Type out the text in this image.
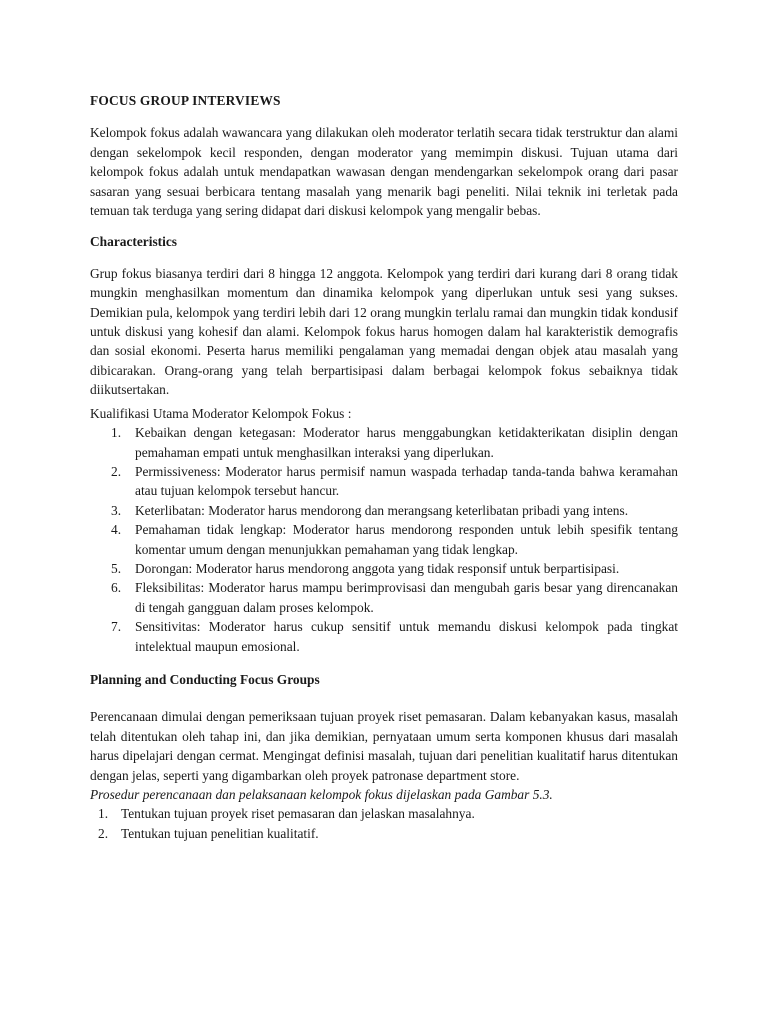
FOCUS GROUP INTERVIEWS

Kelompok fokus adalah wawancara yang dilakukan oleh moderator terlatih secara tidak terstruktur dan alami dengan sekelompok kecil responden, dengan moderator yang memimpin diskusi. Tujuan utama dari kelompok fokus adalah untuk mendapatkan wawasan dengan mendengarkan sekelompok orang dari pasar sasaran yang sesuai berbicara tentang masalah yang menarik bagi peneliti. Nilai teknik ini terletak pada temuan tak terduga yang sering didapat dari diskusi kelompok yang mengalir bebas.

Characteristics

Grup fokus biasanya terdiri dari 8 hingga 12 anggota. Kelompok yang terdiri dari kurang dari 8 orang tidak mungkin menghasilkan momentum dan dinamika kelompok yang diperlukan untuk sesi yang sukses. Demikian pula, kelompok yang terdiri lebih dari 12 orang mungkin terlalu ramai dan mungkin tidak kondusif untuk diskusi yang kohesif dan alami. Kelompok fokus harus homogen dalam hal karakteristik demografis dan sosial ekonomi. Peserta harus memiliki pengalaman yang memadai dengan objek atau masalah yang dibicarakan. Orang-orang yang telah berpartisipasi dalam berbagai kelompok fokus sebaiknya tidak diikutsertakan.

Kualifikasi Utama Moderator Kelompok Fokus :

1.	Kebaikan dengan ketegasan: Moderator harus menggabungkan ketidakterikatan disiplin dengan pemahaman empati untuk menghasilkan interaksi yang diperlukan.
2.	Permissiveness: Moderator harus permisif namun waspada terhadap tanda-tanda bahwa keramahan atau tujuan kelompok tersebut hancur.
3.	Keterlibatan: Moderator harus mendorong dan merangsang keterlibatan pribadi yang intens.
4.	Pemahaman tidak lengkap: Moderator harus mendorong responden untuk lebih spesifik tentang komentar umum dengan menunjukkan pemahaman yang tidak lengkap.
5.	Dorongan: Moderator harus mendorong anggota yang tidak responsif untuk berpartisipasi.
6.	Fleksibilitas: Moderator harus mampu berimprovisasi dan mengubah garis besar yang direncanakan di tengah gangguan dalam proses kelompok.
7.	Sensitivitas: Moderator harus cukup sensitif untuk memandu diskusi kelompok pada tingkat intelektual maupun emosional.
Planning and Conducting Focus Groups

Perencanaan dimulai dengan pemeriksaan tujuan proyek riset pemasaran. Dalam kebanyakan kasus, masalah telah ditentukan oleh tahap ini, dan jika demikian, pernyataan umum serta komponen khusus dari masalah harus dipelajari dengan cermat. Mengingat definisi masalah, tujuan dari penelitian kualitatif harus ditentukan dengan jelas, seperti yang digambarkan oleh proyek patronase department store.

Prosedur perencanaan dan pelaksanaan kelompok fokus dijelaskan pada Gambar 5.3.

1. Tentukan tujuan proyek riset pemasaran dan jelaskan masalahnya.
2. Tentukan tujuan penelitian kualitatif.
